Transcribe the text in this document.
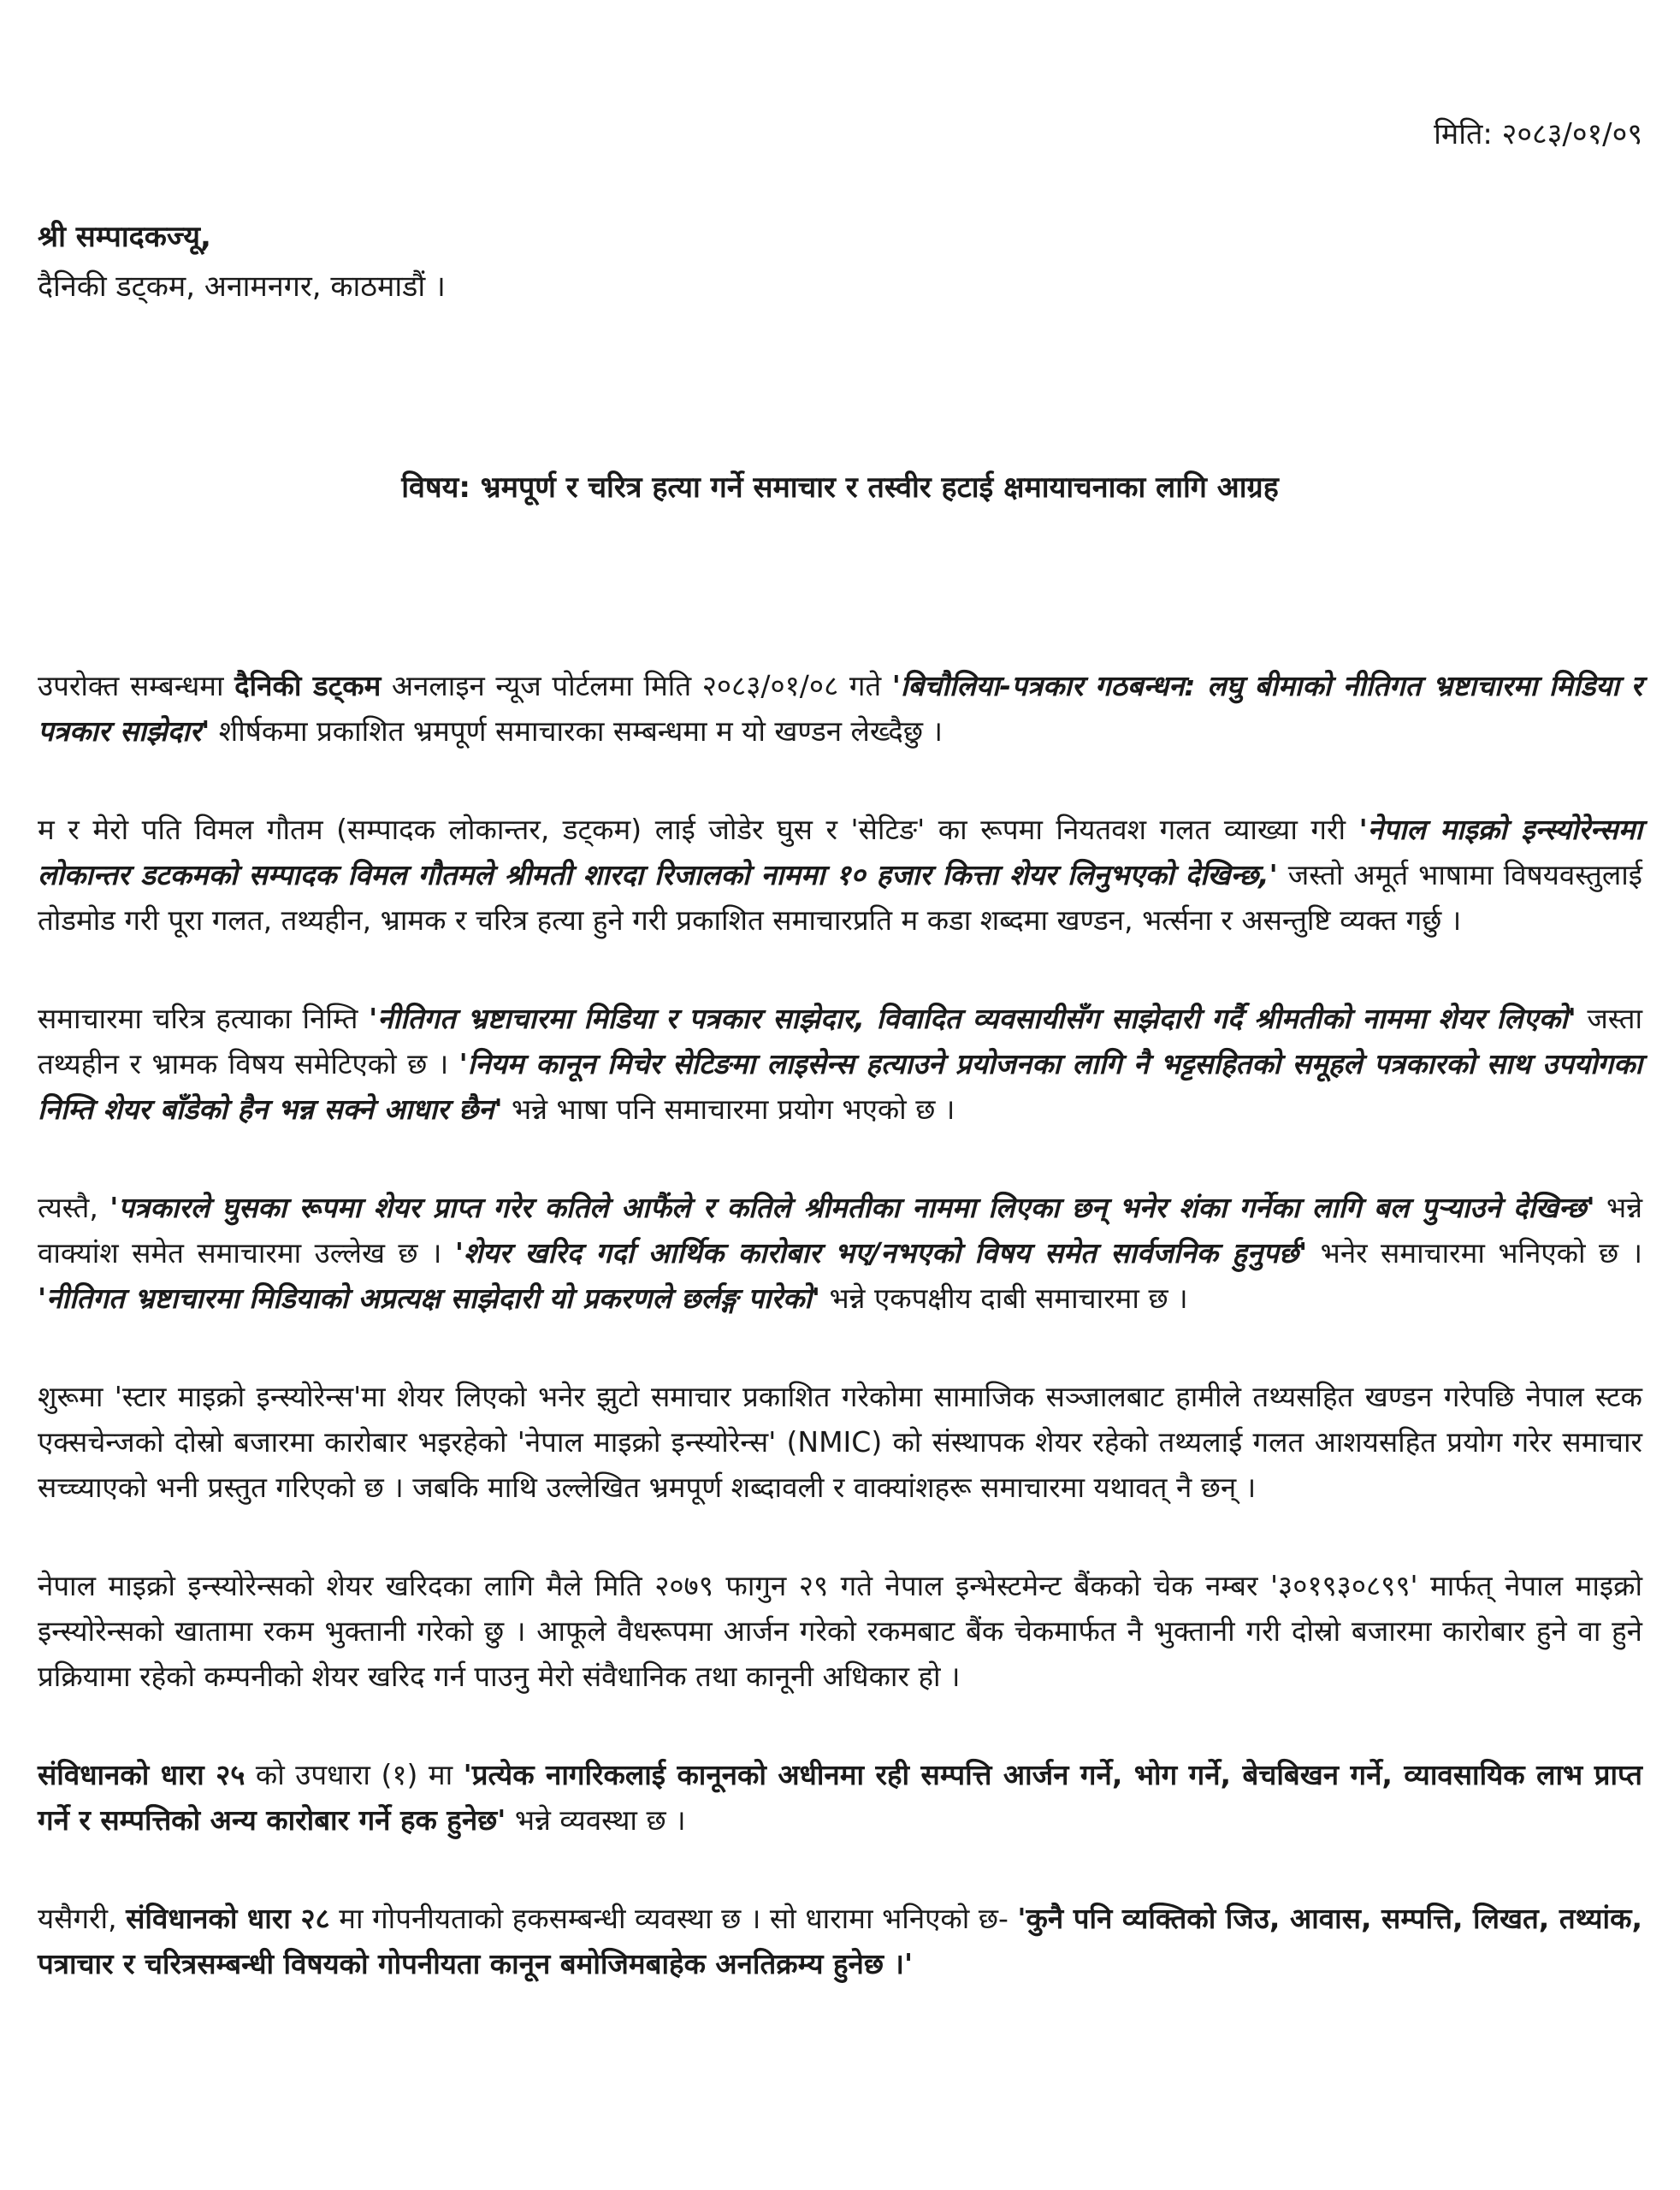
मिति: २०८३/०१/०९
श्री सम्पादकज्यू,
दैनिकी डट्कम, अनामनगर, काठमाडौं ।
विषय: भ्रमपूर्ण र चरित्र हत्या गर्ने समाचार र तस्वीर हटाई क्षमायाचनाका लागि आग्रह

उपरोक्त सम्बन्धमा दैनिकी डट्कम अनलाइन न्यूज पोर्टलमा मिति २०८३/०१/०८ गते 'बिचौलिया-पत्रकार गठबन्धन: लघु बीमाको नीतिगत भ्रष्टाचारमा मिडिया र पत्रकार साझेदार' शीर्षकमा प्रकाशित भ्रमपूर्ण समाचारका सम्बन्धमा म यो खण्डन लेख्दैछु ।

म र मेरो पति विमल गौतम (सम्पादक लोकान्तर, डट्कम) लाई जोडेर घुस र 'सेटिङ' का रूपमा नियतवश गलत व्याख्या गरी 'नेपाल माइक्रो इन्स्योरेन्समा लोकान्तर डटकमको सम्पादक विमल गौतमले श्रीमती शारदा रिजालको नाममा १० हजार कित्ता शेयर लिनुभएको देखिन्छ,' जस्तो अमूर्त भाषामा विषयवस्तुलाई तोडमोड गरी पूरा गलत, तथ्यहीन, भ्रामक र चरित्र हत्या हुने गरी प्रकाशित समाचारप्रति म कडा शब्दमा खण्डन, भर्त्सना र असन्तुष्टि व्यक्त गर्छु ।

समाचारमा चरित्र हत्याका निम्ति 'नीतिगत भ्रष्टाचारमा मिडिया र पत्रकार साझेदार, विवादित व्यवसायीसँग साझेदारी गर्दै श्रीमतीको नाममा शेयर लिएको' जस्ता तथ्यहीन र भ्रामक विषय समेटिएको छ । 'नियम कानून मिचेर सेटिङमा लाइसेन्स हत्याउने प्रयोजनका लागि नै भट्टसहितको समूहले पत्रकारको साथ उपयोगका निम्ति शेयर बाँडेको हैन भन्न सक्ने आधार छैन' भन्ने भाषा पनि समाचारमा प्रयोग भएको छ ।

त्यस्तै, 'पत्रकारले घुसका रूपमा शेयर प्राप्त गरेर कतिले आफैंले र कतिले श्रीमतीका नाममा लिएका छन् भनेर शंका गर्नेका लागि बल पुऱ्याउने देखिन्छ' भन्ने वाक्यांश समेत समाचारमा उल्लेख छ । 'शेयर खरिद गर्दा आर्थिक कारोबार भए/नभएको विषय समेत सार्वजनिक हुनुपर्छ' भनेर समाचारमा भनिएको छ । 'नीतिगत भ्रष्टाचारमा मिडियाको अप्रत्यक्ष साझेदारी यो प्रकरणले छर्लङ्ग पारेको' भन्ने एकपक्षीय दाबी समाचारमा छ ।

शुरूमा 'स्टार माइक्रो इन्स्योरेन्स'मा शेयर लिएको भनेर झुटो समाचार प्रकाशित गरेकोमा सामाजिक सञ्जालबाट हामीले तथ्यसहित खण्डन गरेपछि नेपाल स्टक एक्सचेन्जको दोस्रो बजारमा कारोबार भइरहेको 'नेपाल माइक्रो इन्स्योरेन्स' (NMIC) को संस्थापक शेयर रहेको तथ्यलाई गलत आशयसहित प्रयोग गरेर समाचार सच्च्याएको भनी प्रस्तुत गरिएको छ । जबकि माथि उल्लेखित भ्रमपूर्ण शब्दावली र वाक्यांशहरू समाचारमा यथावत् नै छन् ।

नेपाल माइक्रो इन्स्योरेन्सको शेयर खरिदका लागि मैले मिति २०७९ फागुन २९ गते नेपाल इन्भेस्टमेन्ट बैंकको चेक नम्बर '३०१९३०८९९' मार्फत् नेपाल माइक्रो इन्स्योरेन्सको खातामा रकम भुक्तानी गरेको छु । आफूले वैधरूपमा आर्जन गरेको रकमबाट बैंक चेकमार्फत नै भुक्तानी गरी दोस्रो बजारमा कारोबार हुने वा हुने प्रक्रियामा रहेको कम्पनीको शेयर खरिद गर्न पाउनु मेरो संवैधानिक तथा कानूनी अधिकार हो ।

संविधानको धारा २५ को उपधारा (१) मा 'प्रत्येक नागरिकलाई कानूनको अधीनमा रही सम्पत्ति आर्जन गर्ने, भोग गर्ने, बेचबिखन गर्ने, व्यावसायिक लाभ प्राप्त गर्ने र सम्पत्तिको अन्य कारोबार गर्ने हक हुनेछ' भन्ने व्यवस्था छ ।

यसैगरी, संविधानको धारा २८ मा गोपनीयताको हकसम्बन्धी व्यवस्था छ । सो धारामा भनिएको छ- 'कुनै पनि व्यक्तिको जिउ, आवास, सम्पत्ति, लिखत, तथ्यांक, पत्राचार र चरित्रसम्बन्धी विषयको गोपनीयता कानून बमोजिमबाहेक अनतिक्रम्य हुनेछ ।'
